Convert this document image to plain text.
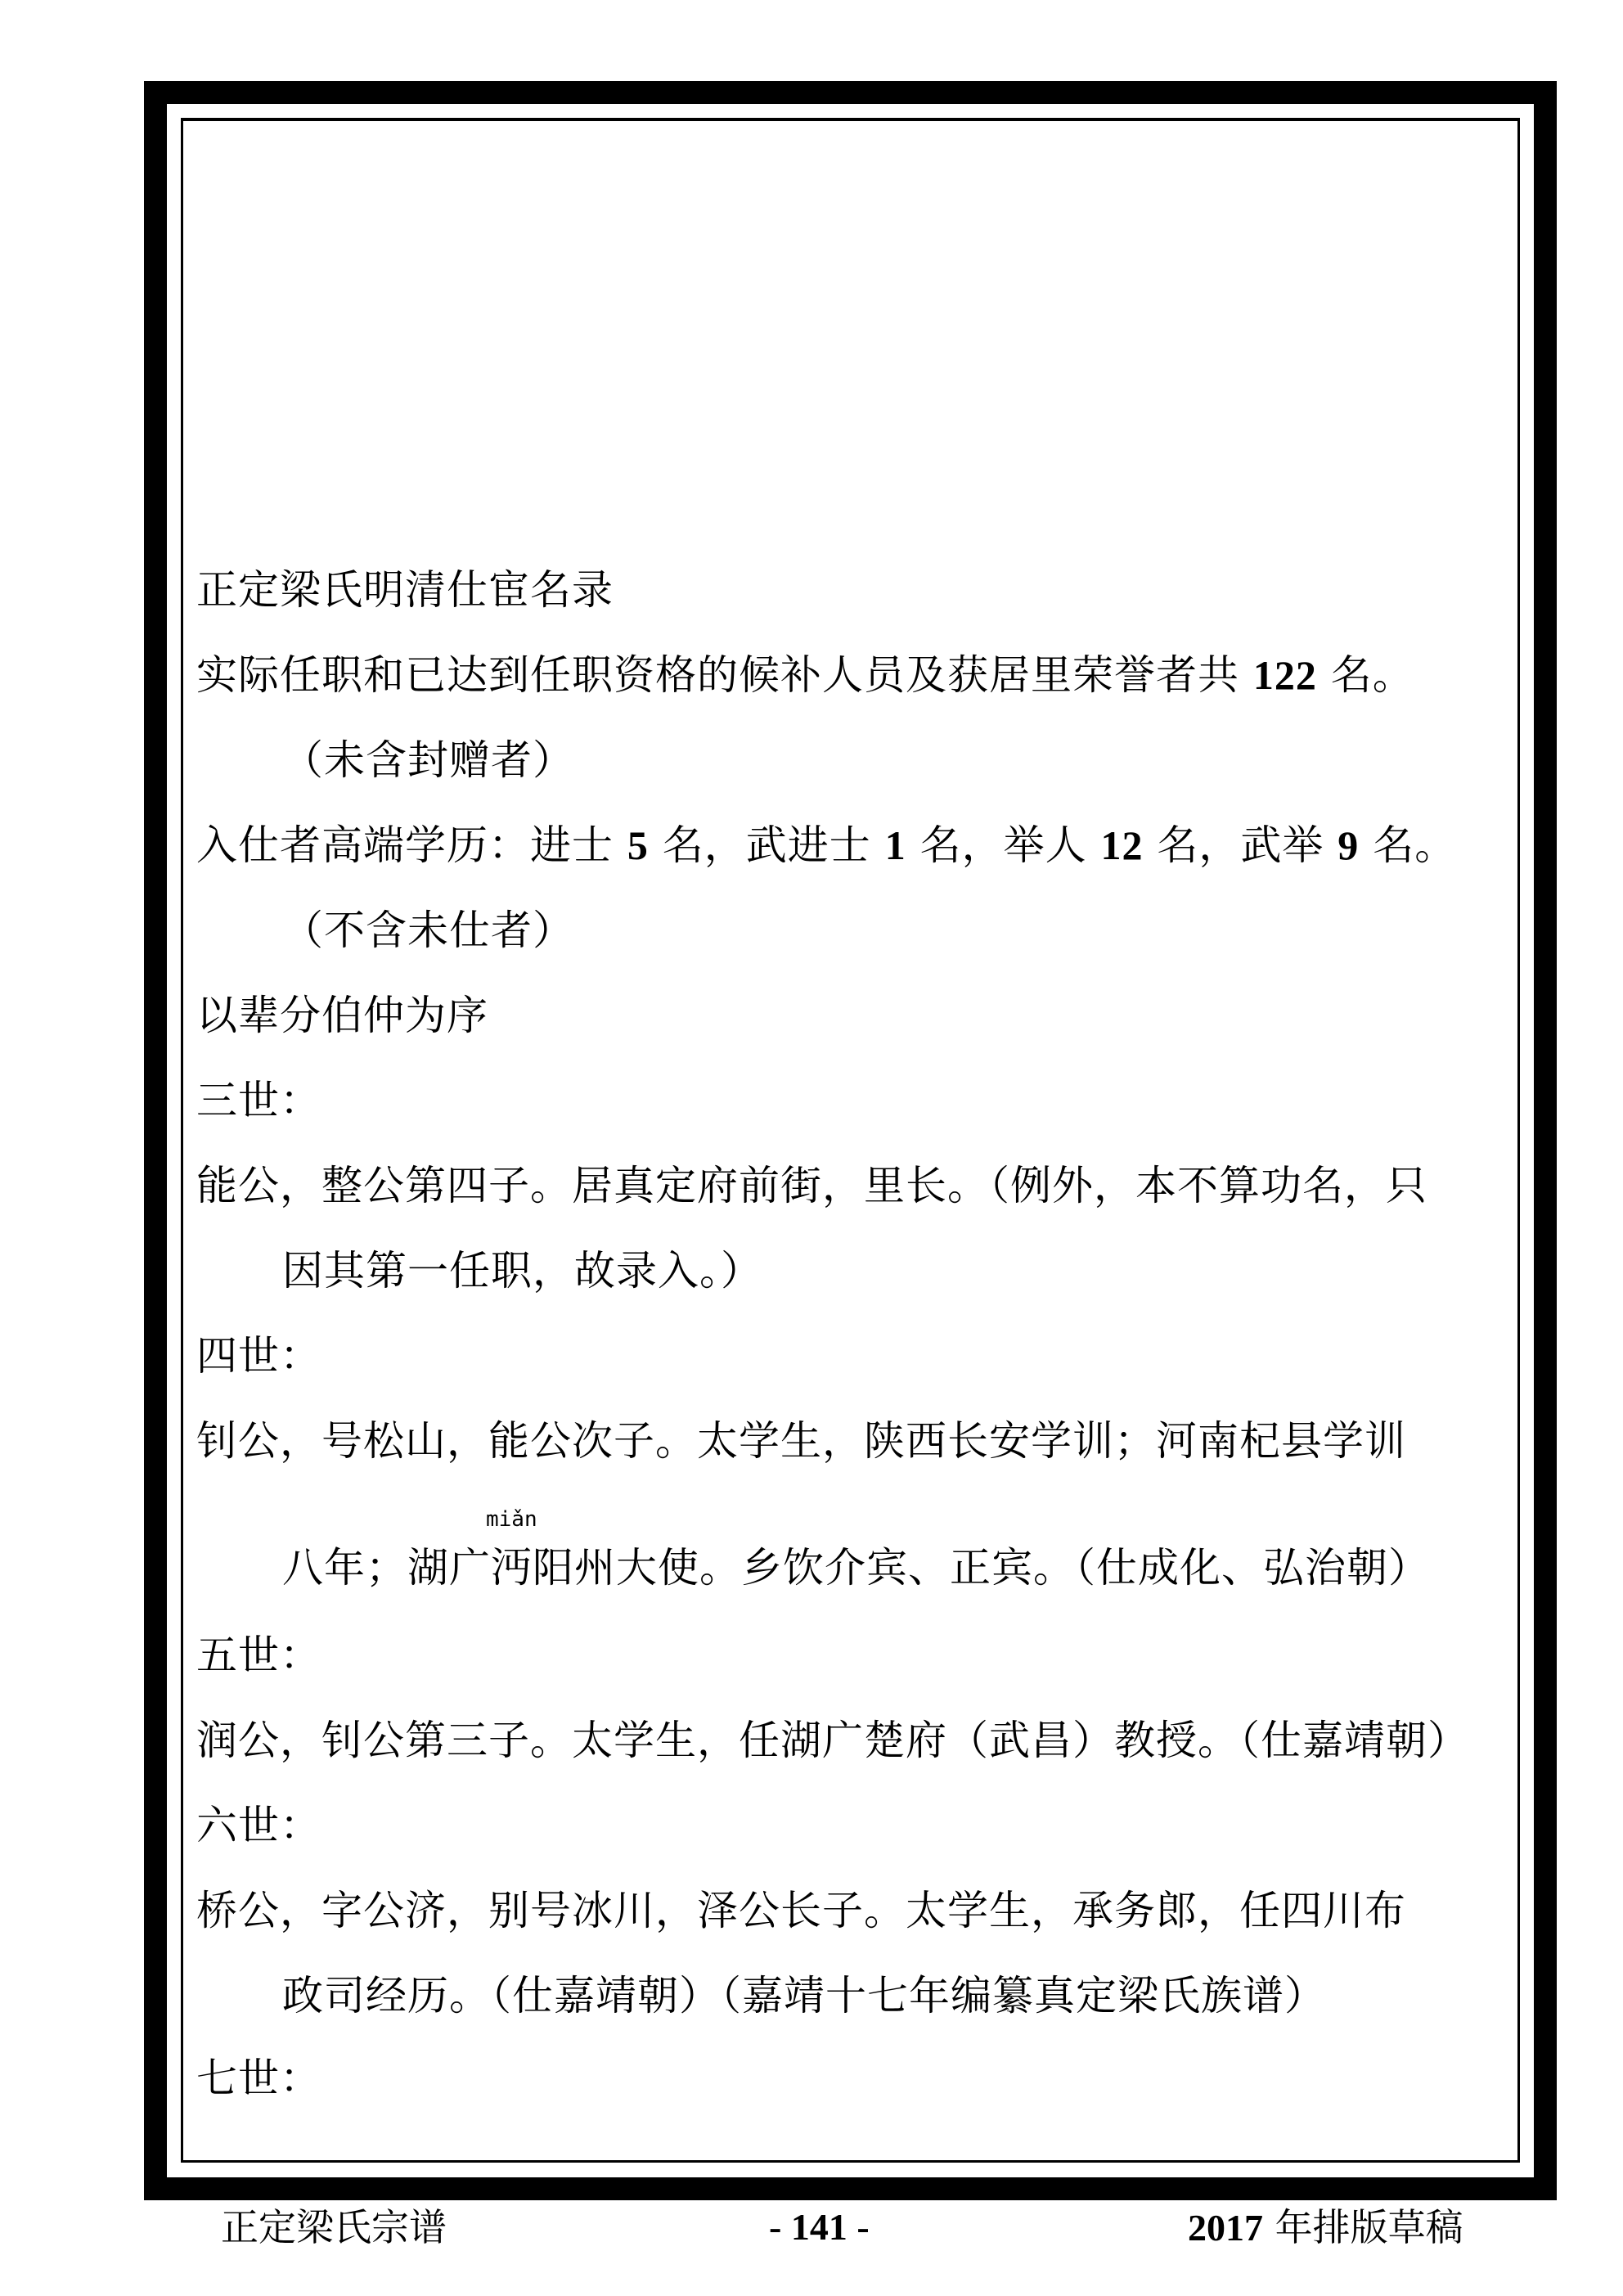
正定梁氏明清仕宦名录
实际任职和已达到任职资格的候补人员及获居里荣誉者共 122 名。
（未含封赠者）
入仕者高端学历：进士 5 名，武进士 1 名，举人 12 名，武举 9 名。
（不含未仕者）
以辈分伯仲为序
三世：
能公，整公第四子。居真定府前街，里长。（例外，本不算功名，只
因其第一任职，故录入。）
四世：
钊公，号松山，能公次子。太学生，陕西长安学训；河南杞县学训
miǎn
八年；湖广沔阳州大使。乡饮介宾、正宾。（仕成化、弘治朝）
五世：
润公，钊公第三子。太学生，任湖广楚府（武昌）教授。（仕嘉靖朝）
六世：
桥公，字公济，别号冰川，泽公长子。太学生，承务郎，任四川布
政司经历。（仕嘉靖朝）（嘉靖十七年编纂真定梁氏族谱）
七世：
正定梁氏宗谱	- 141 -	2017 年排版草稿
